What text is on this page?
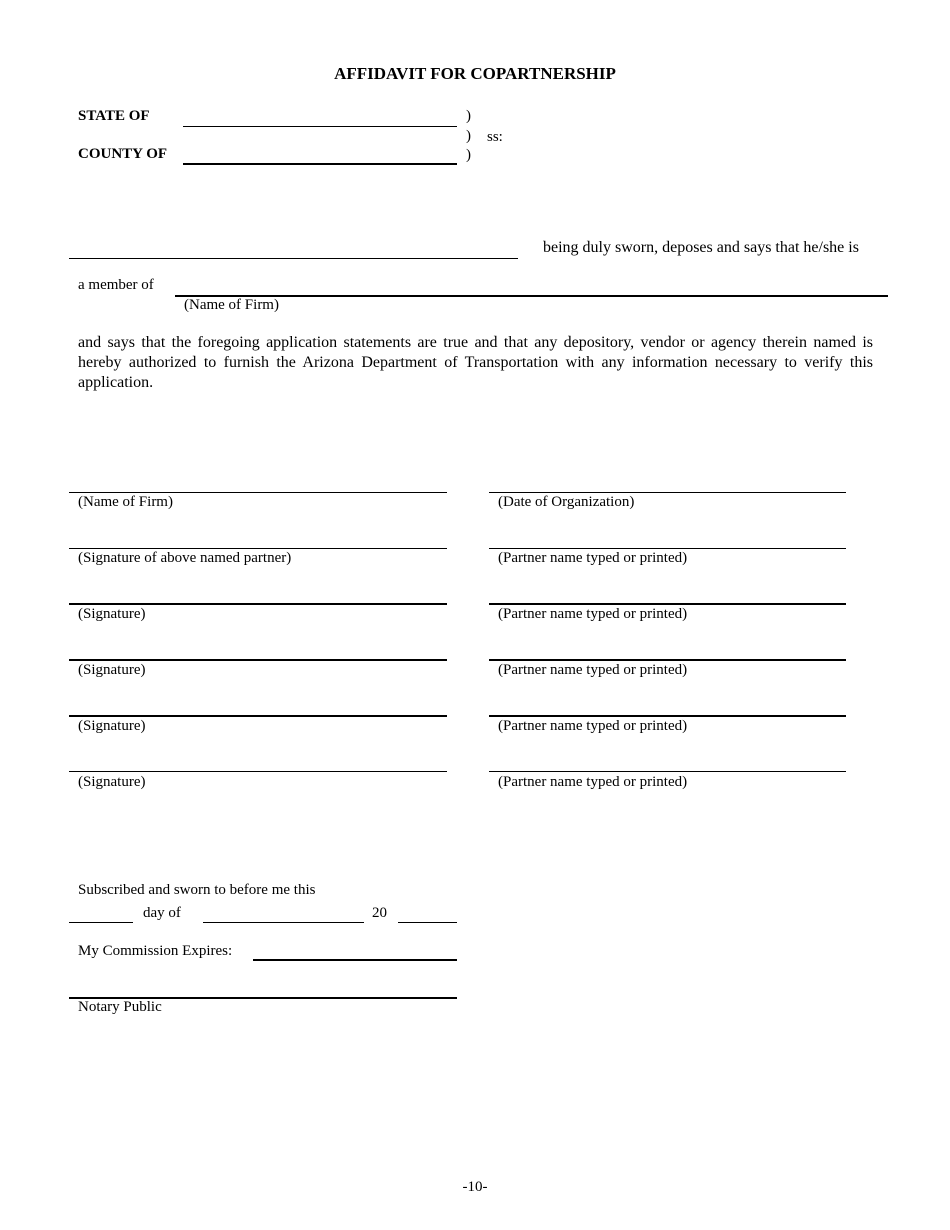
AFFIDAVIT FOR COPARTNERSHIP
STATE OF
COUNTY OF
)
)
)
ss:
being duly sworn, deposes and says that he/she is
a member of
(Name of Firm)
and says that the foregoing application statements are true and that any depository, vendor or agency therein named is hereby authorized to furnish the Arizona Department of Transportation with any information necessary to verify this application.
(Name of Firm)
(Signature of above named partner)
(Signature)
(Signature)
(Signature)
(Signature)
(Date of Organization)
(Partner name typed or printed)
(Partner name typed or printed)
(Partner name typed or printed)
(Partner name typed or printed)
(Partner name typed or printed)
Subscribed and sworn to before me this
day of	20
My Commission Expires:
Notary Public
-10-
